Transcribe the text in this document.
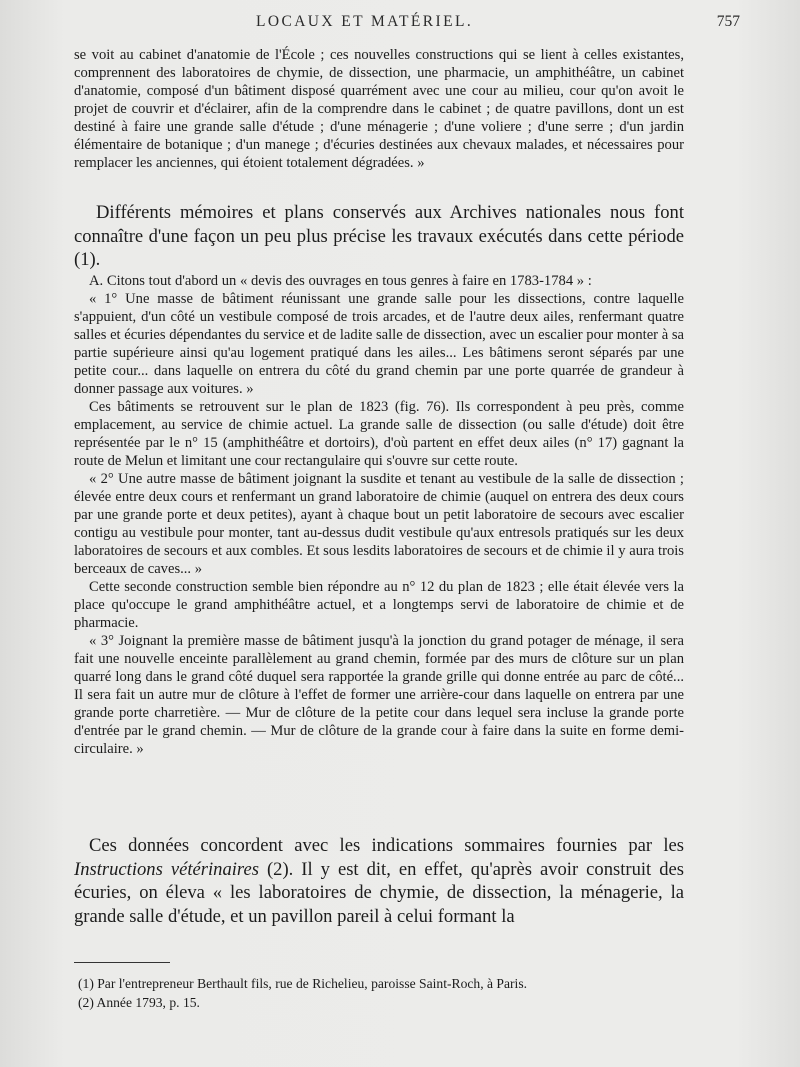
LOCAUX ET MATÉRIEL.	757

se voit au cabinet d'anatomie de l'École ; ces nouvelles constructions qui se lient à celles existantes, comprennent des laboratoires de chymie, de dissection, une pharmacie, un amphithéâtre, un cabinet d'anatomie, composé d'un bâtiment disposé quarrément avec une cour au milieu, cour qu'on avoit le projet de couvrir et d'éclairer, afin de la comprendre dans le cabinet ; de quatre pavillons, dont un est destiné à faire une grande salle d'étude ; d'une ménagerie ; d'une voliere ; d'une serre ; d'un jardin élémentaire de botanique ; d'un manege ; d'écuries destinées aux chevaux malades, et nécessaires pour remplacer les anciennes, qui étoient totalement dégradées. »

Différents mémoires et plans conservés aux Archives nationales nous font connaître d'une façon un peu plus précise les travaux exécutés dans cette période (1).

A. Citons tout d'abord un « devis des ouvrages en tous genres à faire en 1783-1784 » :

« 1° Une masse de bâtiment réunissant une grande salle pour les dissections, contre laquelle s'appuient, d'un côté un vestibule composé de trois arcades, et de l'autre deux ailes, renfermant quatre salles et écuries dépendantes du service et de ladite salle de dissection, avec un escalier pour monter à sa partie supérieure ainsi qu'au logement pratiqué dans les ailes... Les bâtimens seront séparés par une petite cour... dans laquelle on entrera du côté du grand chemin par une porte quarrée de grandeur à donner passage aux voitures. »

Ces bâtiments se retrouvent sur le plan de 1823 (fig. 76). Ils correspondent à peu près, comme emplacement, au service de chimie actuel. La grande salle de dissection (ou salle d'étude) doit être représentée par le n° 15 (amphithéâtre et dortoirs), d'où partent en effet deux ailes (n° 17) gagnant la route de Melun et limitant une cour rectangulaire qui s'ouvre sur cette route.

« 2° Une autre masse de bâtiment joignant la susdite et tenant au vestibule de la salle de dissection ; élevée entre deux cours et renfermant un grand laboratoire de chimie (auquel on entrera des deux cours par une grande porte et deux petites), ayant à chaque bout un petit laboratoire de secours avec escalier contigu au vestibule pour monter, tant au-dessus dudit vestibule qu'aux entresols pratiqués sur les deux laboratoires de secours et aux combles. Et sous lesdits laboratoires de secours et de chimie il y aura trois berceaux de caves... »

Cette seconde construction semble bien répondre au n° 12 du plan de 1823 ; elle était élevée vers la place qu'occupe le grand amphithéâtre actuel, et a longtemps servi de laboratoire de chimie et de pharmacie.

« 3° Joignant la première masse de bâtiment jusqu'à la jonction du grand potager de ménage, il sera fait une nouvelle enceinte parallèlement au grand chemin, formée par des murs de clôture sur un plan quarré long dans le grand côté duquel sera rapportée la grande grille qui donne entrée au parc de côté... Il sera fait un autre mur de clôture à l'effet de former une arrière-cour dans laquelle on entrera par une grande porte charretière. — Mur de clôture de la petite cour dans lequel sera incluse la grande porte d'entrée par le grand chemin. — Mur de clôture de la grande cour à faire dans la suite en forme demi-circulaire. »

Ces données concordent avec les indications sommaires fournies par les Instructions vétérinaires (2). Il y est dit, en effet, qu'après avoir construit des écuries, on éleva « les laboratoires de chymie, de dissection, la ménagerie, la grande salle d'étude, et un pavillon pareil à celui formant la

(1) Par l'entrepreneur Berthault fils, rue de Richelieu, paroisse Saint-Roch, à Paris.

(2) Année 1793, p. 15.
